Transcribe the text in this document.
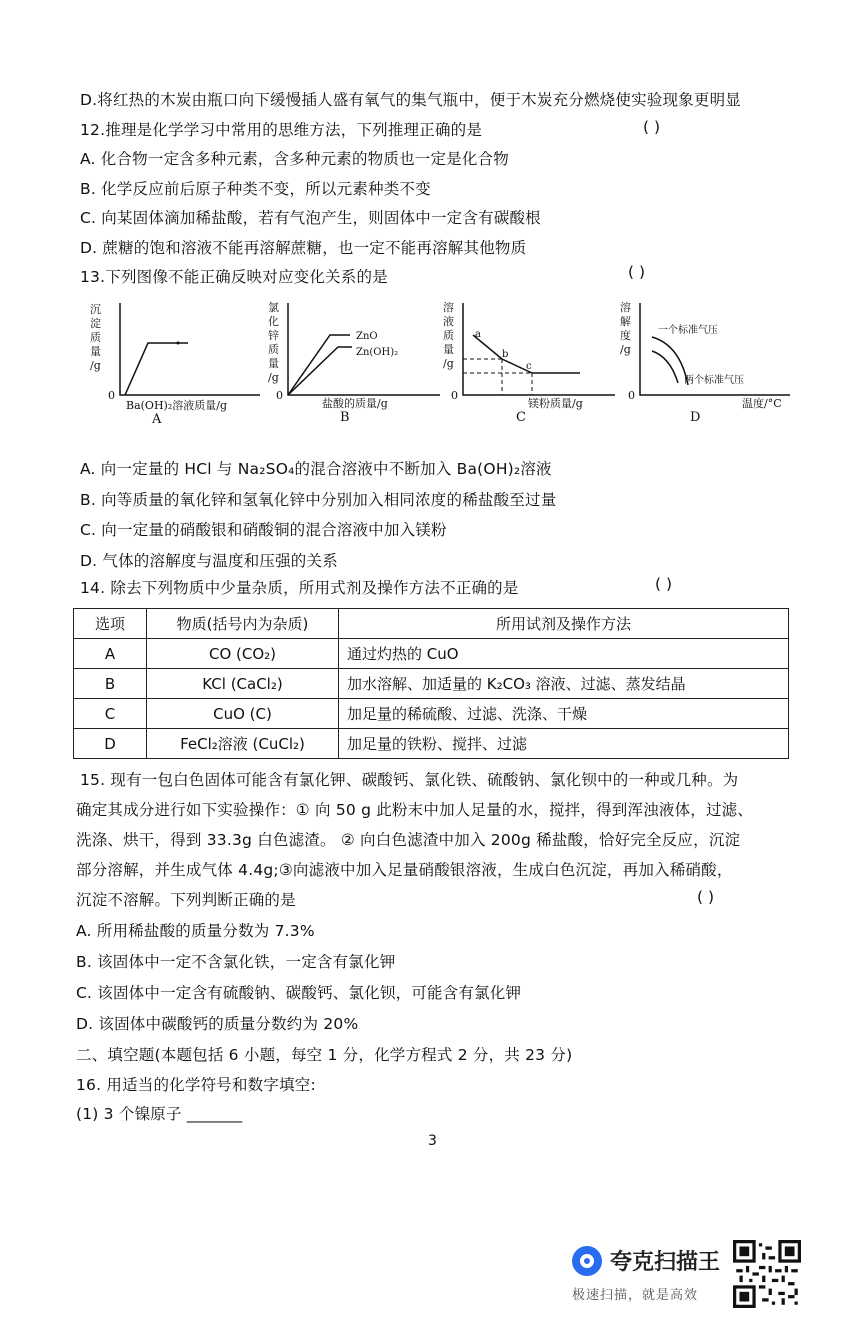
D.将红热的木炭由瓶口向下缓慢插人盛有氧气的集气瓶中，便于木炭充分燃烧使实验现象更明显
12.推理是化学学习中常用的思维方法，下列推理正确的是	( )
A. 化合物一定含多种元素，含多种元素的物质也一定是化合物
B. 化学反应前后原子种类不变，所以元素种类不变
C. 向某固体滴加稀盐酸，若有气泡产生，则固体中一定含有碳酸根
D. 蔗糖的饱和溶液不能再溶解蔗糖，也一定不能再溶解其他物质
13.下列图像不能正确反映对应变化关系的是	( )
沉
淀
质
量
/g
0
Ba(OH)₂溶液质量/g
A
氯
化
锌
质
量
/g
0
ZnO
Zn(OH)₂
盐酸的质量/g
B
溶
液
质
量
/g
0
a
b
c
镁粉质量/g
C
溶
解
度
/g
0
一个标准气压
两个标准气压
温度/°C
D
A. 向一定量的 HCl 与 Na₂SO₄的混合溶液中不断加入 Ba(OH)₂溶液
B. 向等质量的氧化锌和氢氧化锌中分别加入相同浓度的稀盐酸至过量
C. 向一定量的硝酸银和硝酸铜的混合溶液中加入镁粉
D. 气体的溶解度与温度和压强的关系
14. 除去下列物质中少量杂质，所用式剂及操作方法不正确的是	( )
选项	物质(括号内为杂质)	所用试剂及操作方法
A	CO (CO₂)	通过灼热的 CuO
B	KCl (CaCl₂)	加水溶解、加适量的 K₂CO₃ 溶液、过滤、蒸发结晶
C	CuO (C)	加足量的稀硫酸、过滤、洗涤、干燥
D	FeCl₂溶液 (CuCl₂)	加足量的铁粉、搅拌、过滤
15. 现有一包白色固体可能含有氯化钾、碳酸钙、氯化铁、硫酸钠、氯化钡中的一种或几种。为
确定其成分进行如下实验操作：① 向 50 g 此粉末中加人足量的水，搅拌，得到浑浊液体，过滤、
洗涤、烘干，得到 33.3g 白色滤渣。 ② 向白色滤渣中加入 200g 稀盐酸，恰好完全反应，沉淀
部分溶解，并生成气体 4.4g;③向滤液中加入足量硝酸银溶液，生成白色沉淀，再加入稀硝酸，
沉淀不溶解。下列判断正确的是	( )
A. 所用稀盐酸的质量分数为 7.3%
B. 该固体中一定不含氯化铁，一定含有氯化钾
C. 该固体中一定含有硫酸钠、碳酸钙、氯化钡，可能含有氯化钾
D. 该固体中碳酸钙的质量分数约为 20%
二、填空题(本题包括 6 小题，每空 1 分，化学方程式 2 分，共 23 分)
16. 用适当的化学符号和数字填空:
(1) 3 个镍原子 _______
3
夸克扫描王
极速扫描，就是高效
